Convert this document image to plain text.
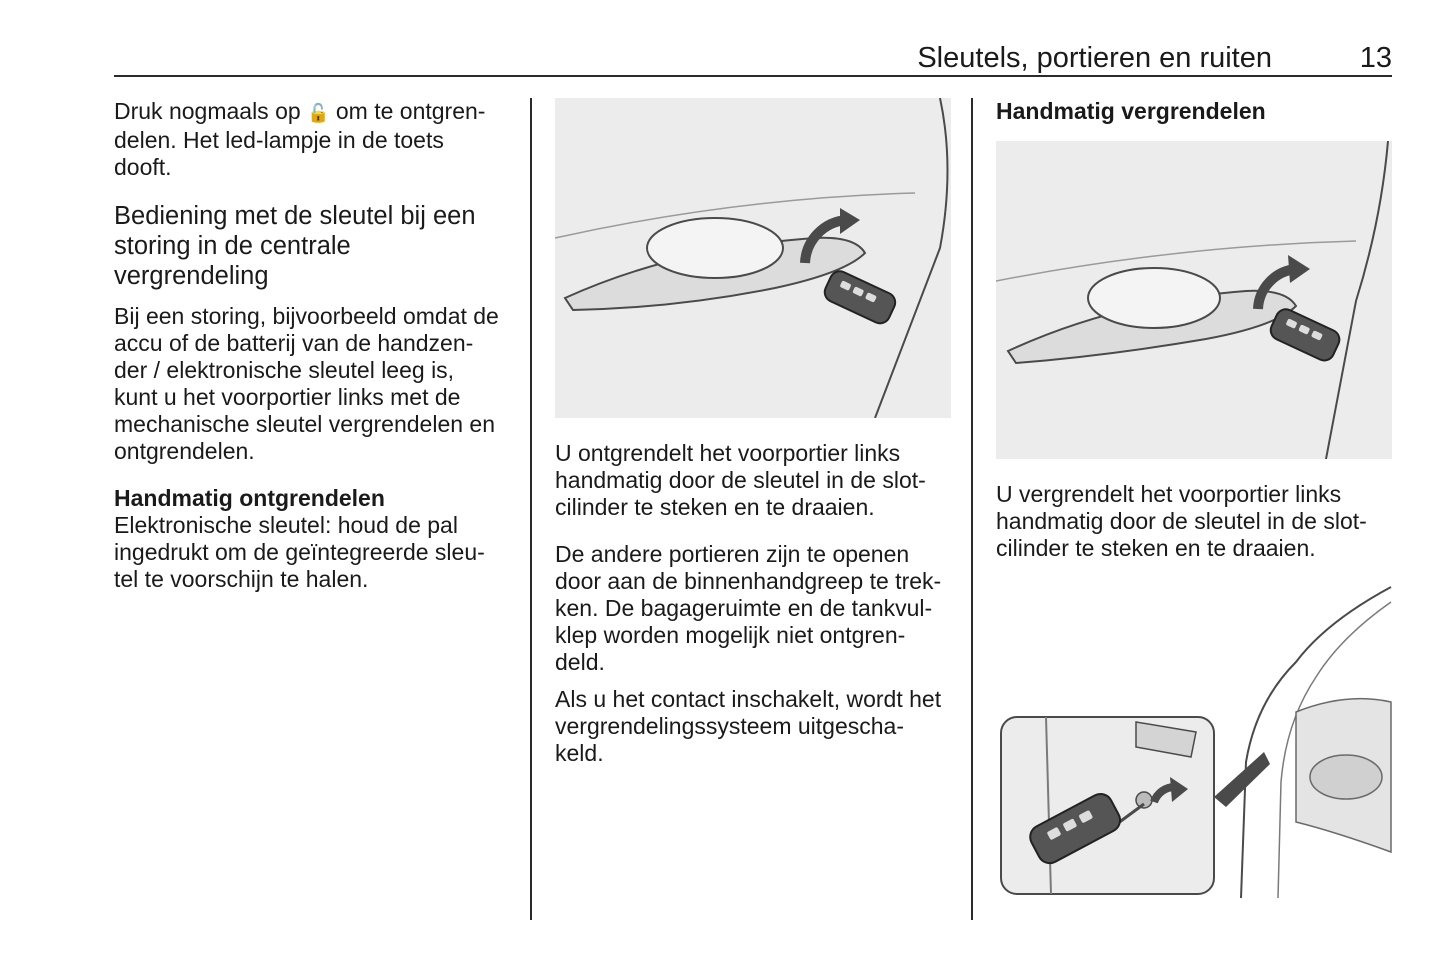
Sleutels, portieren en ruiten	13

Druk nogmaals op 🔓 om te ontgren-
delen. Het led-lampje in de toets
dooft.

Bediening met de sleutel bij een
storing in de centrale
vergrendeling

Bij een storing, bijvoorbeeld omdat de
accu of de batterij van de handzen-
der / elektronische sleutel leeg is,
kunt u het voorportier links met de
mechanische sleutel vergrendelen en
ontgrendelen.

Handmatig ontgrendelen

Elektronische sleutel: houd de pal
ingedrukt om de geïntegreerde sleu-
tel te voorschijn te halen.

U ontgrendelt het voorportier links
handmatig door de sleutel in de slot-
cilinder te steken en te draaien.

De andere portieren zijn te openen
door aan de binnenhandgreep te trek-
ken. De bagageruimte en de tankvul-
klep worden mogelijk niet ontgren-
deld.

Als u het contact inschakelt, wordt het
vergrendelingssysteem uitgescha-
keld.

Handmatig vergrendelen

U vergrendelt het voorportier links
handmatig door de sleutel in de slot-
cilinder te steken en te draaien.
